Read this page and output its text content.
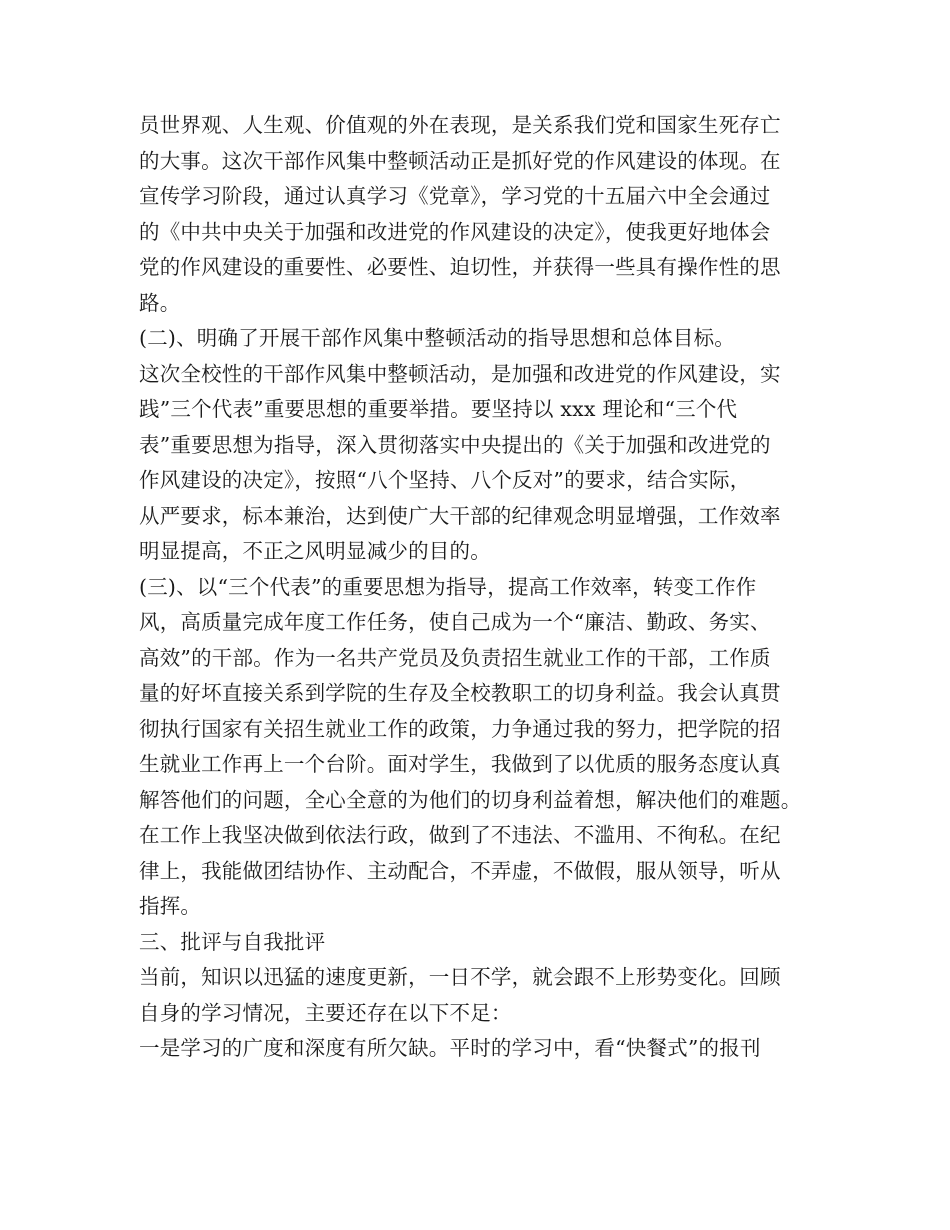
员世界观、人生观、价值观的外在表现，是关系我们党和国家生死存亡
的大事。这次干部作风集中整顿活动正是抓好党的作风建设的体现。在
宣传学习阶段，通过认真学习《党章》，学习党的十五届六中全会通过
的《中共中央关于加强和改进党的作风建设的决定》，使我更好地体会
党的作风建设的重要性、必要性、迫切性，并获得一些具有操作性的思
路。
(二)、明确了开展干部作风集中整顿活动的指导思想和总体目标。
这次全校性的干部作风集中整顿活动，是加强和改进党的作风建设，实
践”三个代表”重要思想的重要举措。要坚持以 xxx 理论和“三个代
表”重要思想为指导，深入贯彻落实中央提出的《关于加强和改进党的
作风建设的决定》，按照“八个坚持、八个反对”的要求，结合实际，
从严要求，标本兼治，达到使广大干部的纪律观念明显增强，工作效率
明显提高，不正之风明显减少的目的。
(三)、以“三个代表”的重要思想为指导，提高工作效率，转变工作作
风，高质量完成年度工作任务，使自己成为一个“廉洁、勤政、务实、
高效”的干部。作为一名共产党员及负责招生就业工作的干部，工作质
量的好坏直接关系到学院的生存及全校教职工的切身利益。我会认真贯
彻执行国家有关招生就业工作的政策，力争通过我的努力，把学院的招
生就业工作再上一个台阶。面对学生，我做到了以优质的服务态度认真
解答他们的问题，全心全意的为他们的切身利益着想，解决他们的难题。
在工作上我坚决做到依法行政，做到了不违法、不滥用、不徇私。在纪
律上，我能做团结协作、主动配合，不弄虚，不做假，服从领导，听从
指挥。
三、批评与自我批评
当前，知识以迅猛的速度更新，一日不学，就会跟不上形势变化。回顾
自身的学习情况，主要还存在以下不足：
一是学习的广度和深度有所欠缺。平时的学习中，看“快餐式”的报刊
